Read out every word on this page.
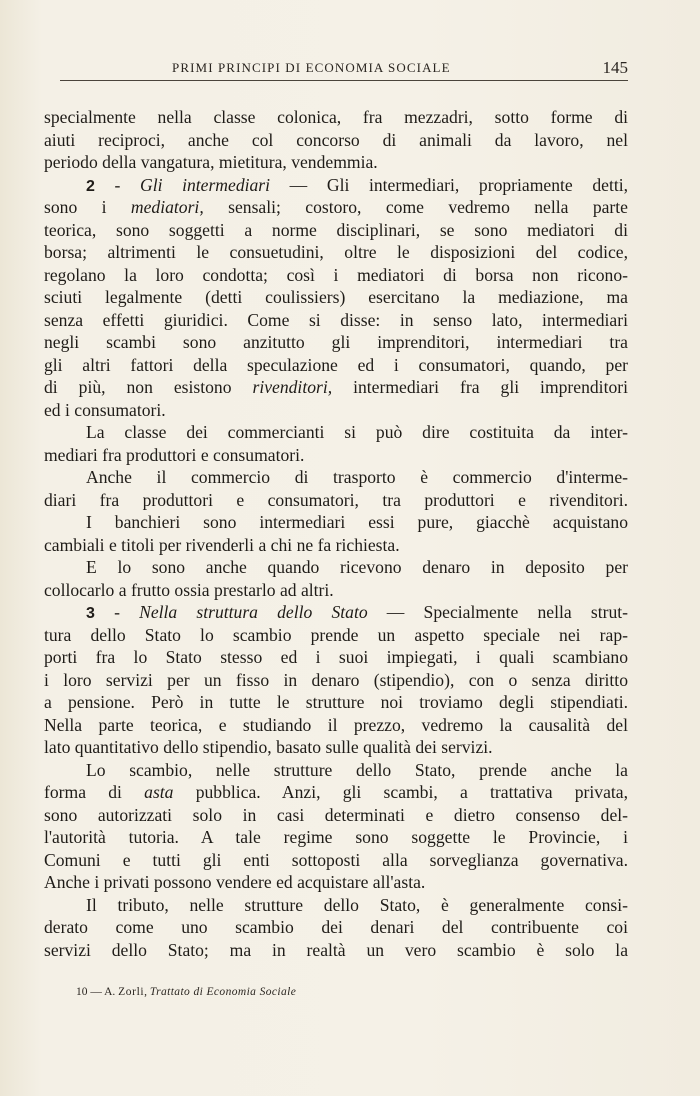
PRIMI PRINCIPI DI ECONOMIA SOCIALE	145
specialmente nella classe colonica, fra mezzadri, sotto forme di
aiuti reciproci, anche col concorso di animali da lavoro, nel
periodo della vangatura, mietitura, vendemmia.
2 - Gli intermediari — Gli intermediari, propriamente detti,
sono i mediatori, sensali; costoro, come vedremo nella parte
teorica, sono soggetti a norme disciplinari, se sono mediatori di
borsa; altrimenti le consuetudini, oltre le disposizioni del codice,
regolano la loro condotta; così i mediatori di borsa non ricono-
sciuti legalmente (detti coulissiers) esercitano la mediazione, ma
senza effetti giuridici. Come si disse: in senso lato, intermediari
negli scambi sono anzitutto gli imprenditori, intermediari tra
gli altri fattori della speculazione ed i consumatori, quando, per
di più, non esistono rivenditori, intermediari fra gli imprenditori
ed i consumatori.
La classe dei commercianti si può dire costituita da inter-
mediari fra produttori e consumatori.
Anche il commercio di trasporto è commercio d'interme-
diari fra produttori e consumatori, tra produttori e rivenditori.
I banchieri sono intermediari essi pure, giacchè acquistano
cambiali e titoli per rivenderli a chi ne fa richiesta.
E lo sono anche quando ricevono denaro in deposito per
collocarlo a frutto ossia prestarlo ad altri.
3 - Nella struttura dello Stato — Specialmente nella strut-
tura dello Stato lo scambio prende un aspetto speciale nei rap-
porti fra lo Stato stesso ed i suoi impiegati, i quali scambiano
i loro servizi per un fisso in denaro (stipendio), con o senza diritto
a pensione. Però in tutte le strutture noi troviamo degli stipendiati.
Nella parte teorica, e studiando il prezzo, vedremo la causalità del
lato quantitativo dello stipendio, basato sulle qualità dei servizi.
Lo scambio, nelle strutture dello Stato, prende anche la
forma di asta pubblica. Anzi, gli scambi, a trattativa privata,
sono autorizzati solo in casi determinati e dietro consenso del-
l'autorità tutoria. A tale regime sono soggette le Provincie, i
Comuni e tutti gli enti sottoposti alla sorveglianza governativa.
Anche i privati possono vendere ed acquistare all'asta.
Il tributo, nelle strutture dello Stato, è generalmente consi-
derato come uno scambio dei denari del contribuente coi
servizi dello Stato; ma in realtà un vero scambio è solo la
10 — A. Zorli, Trattato di Economia Sociale
